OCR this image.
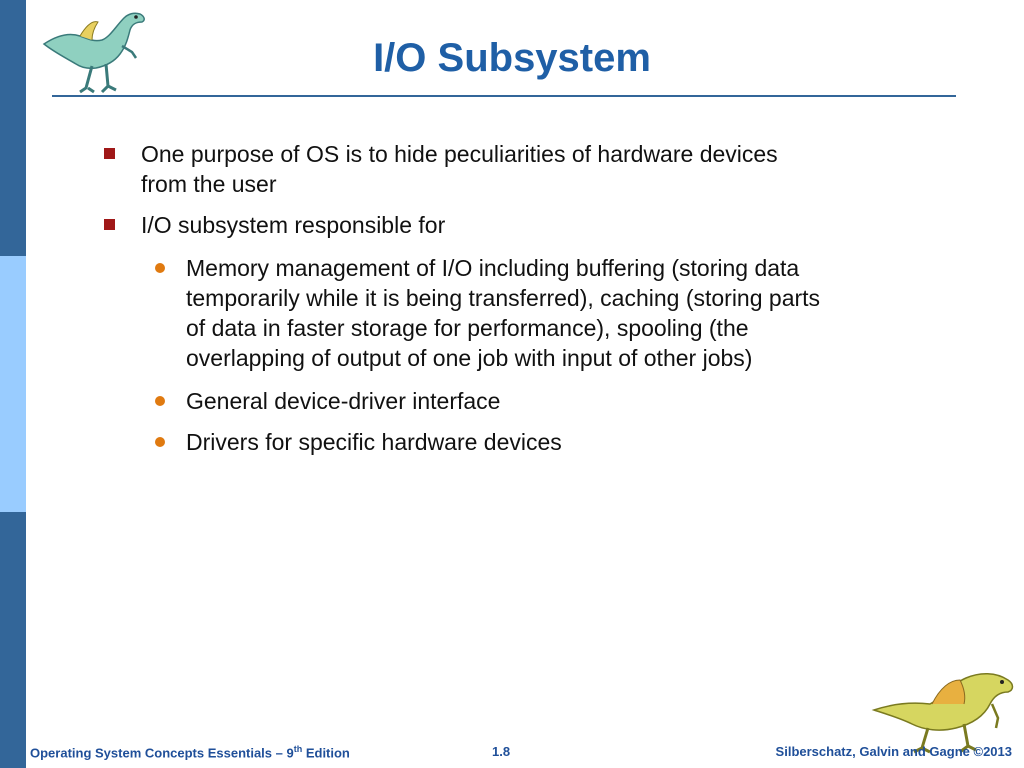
I/O Subsystem
One purpose of OS is to hide peculiarities of hardware devices
from the user
I/O subsystem responsible for
Memory management of I/O including buffering (storing data
temporarily while it is being transferred), caching (storing parts
of data in faster storage for performance), spooling (the
overlapping of output of one job with input of other jobs)
General device-driver interface
Drivers for specific hardware devices
Operating System Concepts Essentials – 9th Edition	1.8	Silberschatz, Galvin and Gagne ©2013
